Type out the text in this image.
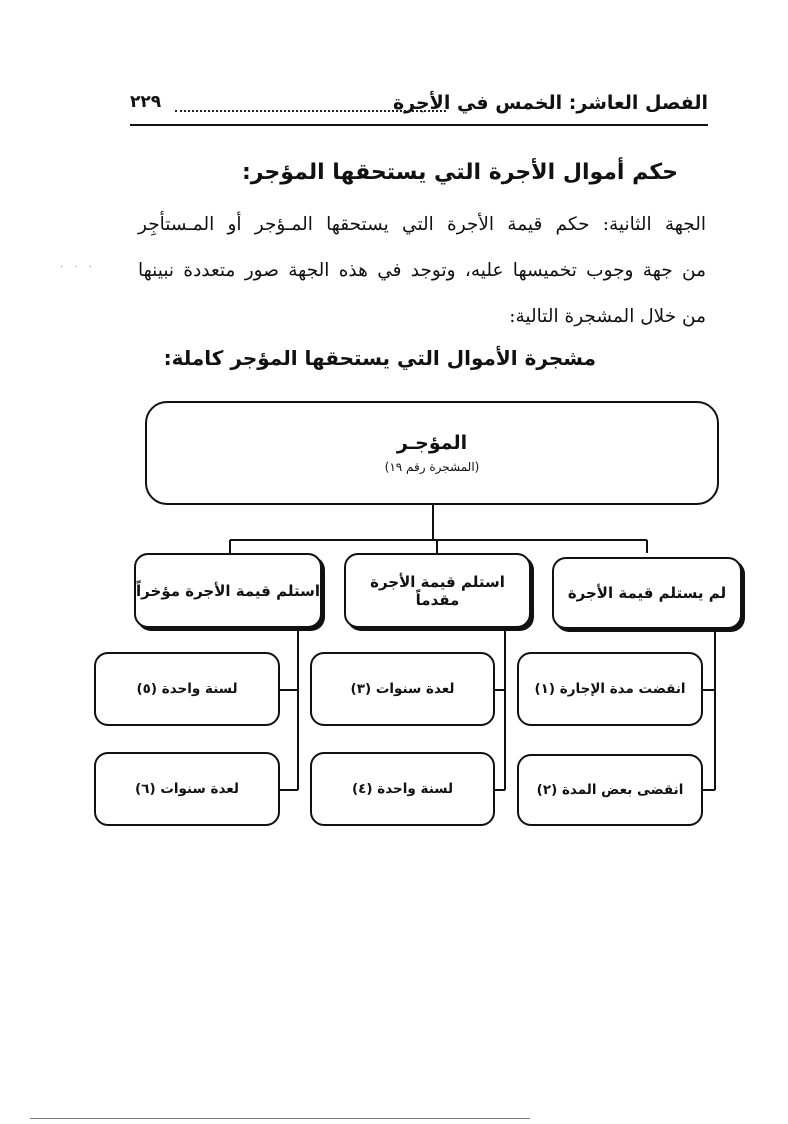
الفصل العاشر: الخمس في الأجرة
٢٢٩
حكم أموال الأجرة التي يستحقها المؤجر:
الجهة الثانية: حكم قيمة الأجرة التي يستحقها المـؤجر أو المـستأجِر
من جهة وجوب تخميسها عليه، وتوجد في هذه الجهة صور متعددة نبينها
من خلال المشجرة التالية:
· · ·
مشجرة الأموال التي يستحقها المؤجر كاملة:
المؤجـر
(المشجرة رقم ١٩)
لم يستلم قيمة الأجرة
استلم قيمة الأجرة مقدماً
استلم قيمة الأجرة مؤخراً
انقضت مدة الإجارة (١)
انقضى بعض المدة (٢)
لعدة سنوات (٣)
لسنة واحدة (٤)
لسنة واحدة (٥)
لعدة سنوات (٦)
